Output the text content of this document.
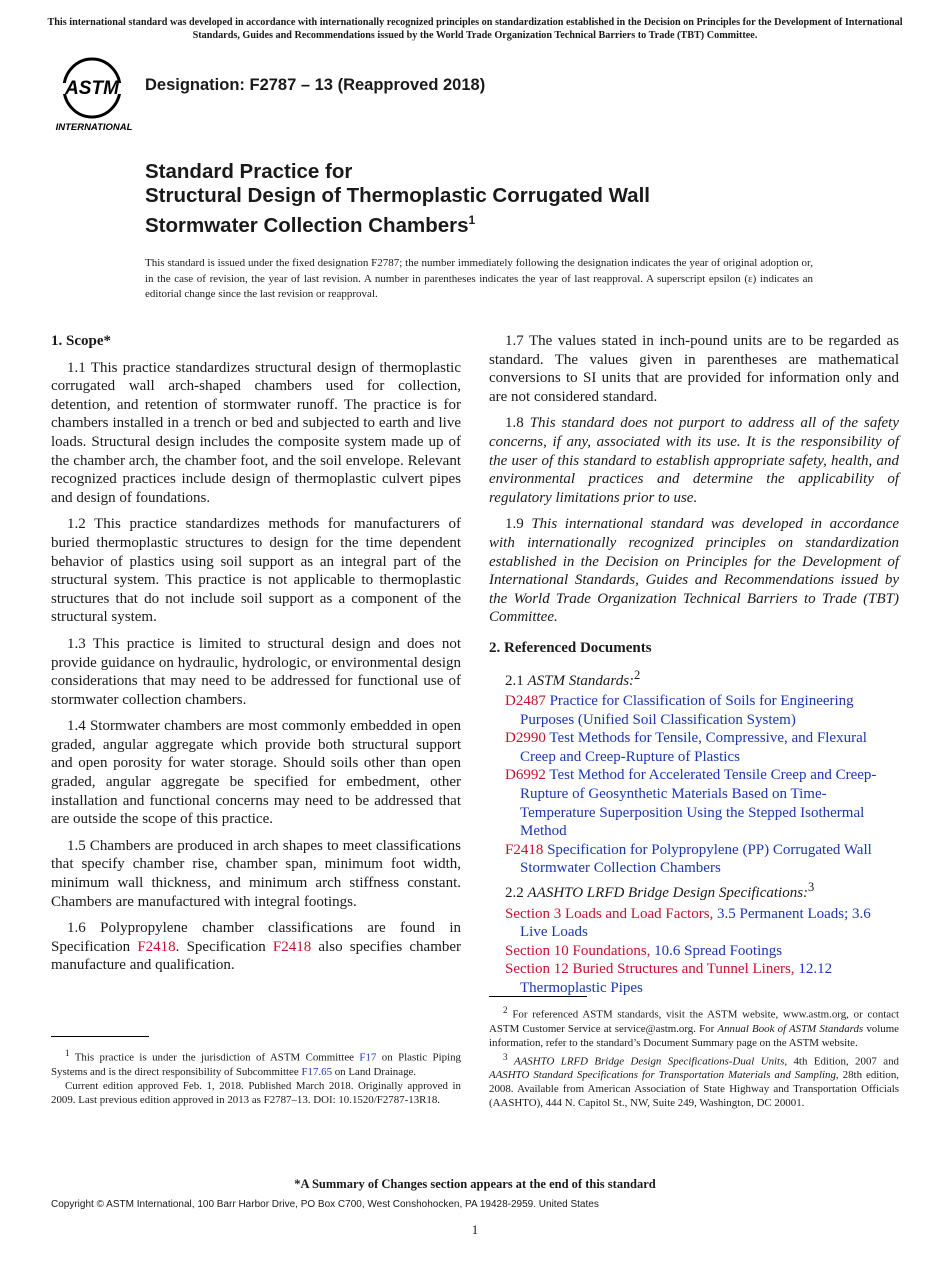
This international standard was developed in accordance with internationally recognized principles on standardization established in the Decision on Principles for the Development of International Standards, Guides and Recommendations issued by the World Trade Organization Technical Barriers to Trade (TBT) Committee.
ASTM
INTERNATIONAL
Designation: F2787 – 13 (Reapproved 2018)
Standard Practice for
Structural Design of Thermoplastic Corrugated Wall
Stormwater Collection Chambers$^1$
This standard is issued under the fixed designation F2787; the number immediately following the designation indicates the year of original adoption or, in the case of revision, the year of last revision. A number in parentheses indicates the year of last reapproval. A superscript epsilon (ε) indicates an editorial change since the last revision or reapproval.
1. Scope*

1.1 This practice standardizes structural design of thermoplastic corrugated wall arch-shaped chambers used for collection, detention, and retention of stormwater runoff. The practice is for chambers installed in a trench or bed and subjected to earth and live loads. Structural design includes the composite system made up of the chamber arch, the chamber foot, and the soil envelope. Relevant recognized practices include design of thermoplastic culvert pipes and design of foundations.

1.2 This practice standardizes methods for manufacturers of buried thermoplastic structures to design for the time dependent behavior of plastics using soil support as an integral part of the structural system. This practice is not applicable to thermoplastic structures that do not include soil support as a component of the structural system.

1.3 This practice is limited to structural design and does not provide guidance on hydraulic, hydrologic, or environmental design considerations that may need to be addressed for functional use of stormwater collection chambers.

1.4 Stormwater chambers are most commonly embedded in open graded, angular aggregate which provide both structural support and open porosity for water storage. Should soils other than open graded, angular aggregate be specified for embedment, other installation and functional concerns may need to be addressed that are outside the scope of this practice.

1.5 Chambers are produced in arch shapes to meet classifications that specify chamber rise, chamber span, minimum foot width, minimum wall thickness, and minimum arch stiffness constant. Chambers are manufactured with integral footings.

1.6 Polypropylene chamber classifications are found in Specification F2418. Specification F2418 also specifies chamber manufacture and qualification.

1.7 The values stated in inch-pound units are to be regarded as standard. The values given in parentheses are mathematical conversions to SI units that are provided for information only and are not considered standard.

1.8 This standard does not purport to address all of the safety concerns, if any, associated with its use. It is the responsibility of the user of this standard to establish appropriate safety, health, and environmental practices and determine the applicability of regulatory limitations prior to use.

1.9 This international standard was developed in accordance with internationally recognized principles on standardization established in the Decision on Principles for the Development of International Standards, Guides and Recommendations issued by the World Trade Organization Technical Barriers to Trade (TBT) Committee.

2. Referenced Documents
2.1 ASTM Standards:$^2$

D2487 Practice for Classification of Soils for Engineering Purposes (Unified Soil Classification System)

D2990 Test Methods for Tensile, Compressive, and Flexural Creep and Creep-Rupture of Plastics

D6992 Test Method for Accelerated Tensile Creep and Creep-Rupture of Geosynthetic Materials Based on Time-Temperature Superposition Using the Stepped Isothermal Method

F2418 Specification for Polypropylene (PP) Corrugated Wall Stormwater Collection Chambers

2.2 AASHTO LRFD Bridge Design Specifications:$^3$

Section 3 Loads and Load Factors, 3.5 Permanent Loads; 3.6 Live Loads

Section 10 Foundations, 10.6 Spread Footings

Section 12 Buried Structures and Tunnel Liners, 12.12 Thermoplastic Pipes

$^1$ This practice is under the jurisdiction of ASTM Committee F17 on Plastic Piping Systems and is the direct responsibility of Subcommittee F17.65 on Land Drainage.

Current edition approved Feb. 1, 2018. Published March 2018. Originally approved in 2009. Last previous edition approved in 2013 as F2787–13. DOI: 10.1520/F2787-13R18.

$^2$ For referenced ASTM standards, visit the ASTM website, www.astm.org, or contact ASTM Customer Service at service@astm.org. For Annual Book of ASTM Standards volume information, refer to the standard’s Document Summary page on the ASTM website.

$^3$ AASHTO LRFD Bridge Design Specifications-Dual Units, 4th Edition, 2007 and AASHTO Standard Specifications for Transportation Materials and Sampling, 28th edition, 2008. Available from American Association of State Highway and Transportation Officials (AASHTO), 444 N. Capitol St., NW, Suite 249, Washington, DC 20001.

*A Summary of Changes section appears at the end of this standard
Copyright © ASTM International, 100 Barr Harbor Drive, PO Box C700, West Conshohocken, PA 19428-2959. United States
1
